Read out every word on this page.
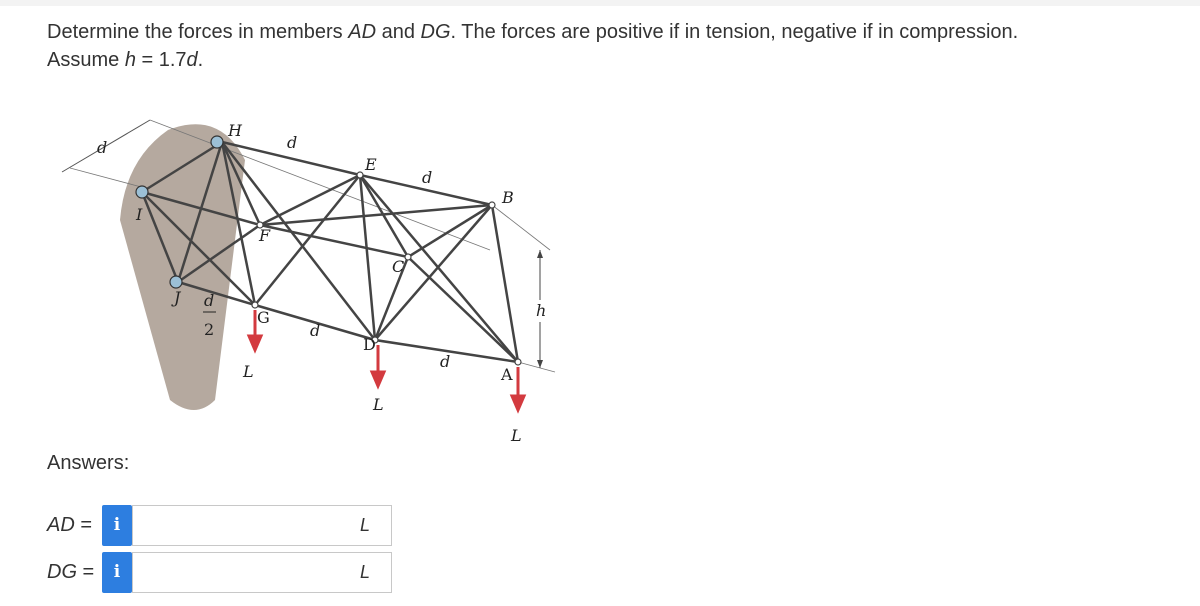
Determine the forces in members AD and DG. The forces are positive if in tension, negative if in compression.
Assume h = 1.7d.
H
d
E
d
B
d
I
F
C
J d
2
G
d
D
d
A
L
L
L
h
Answers:
AD =	i	L
DG =	i	L
